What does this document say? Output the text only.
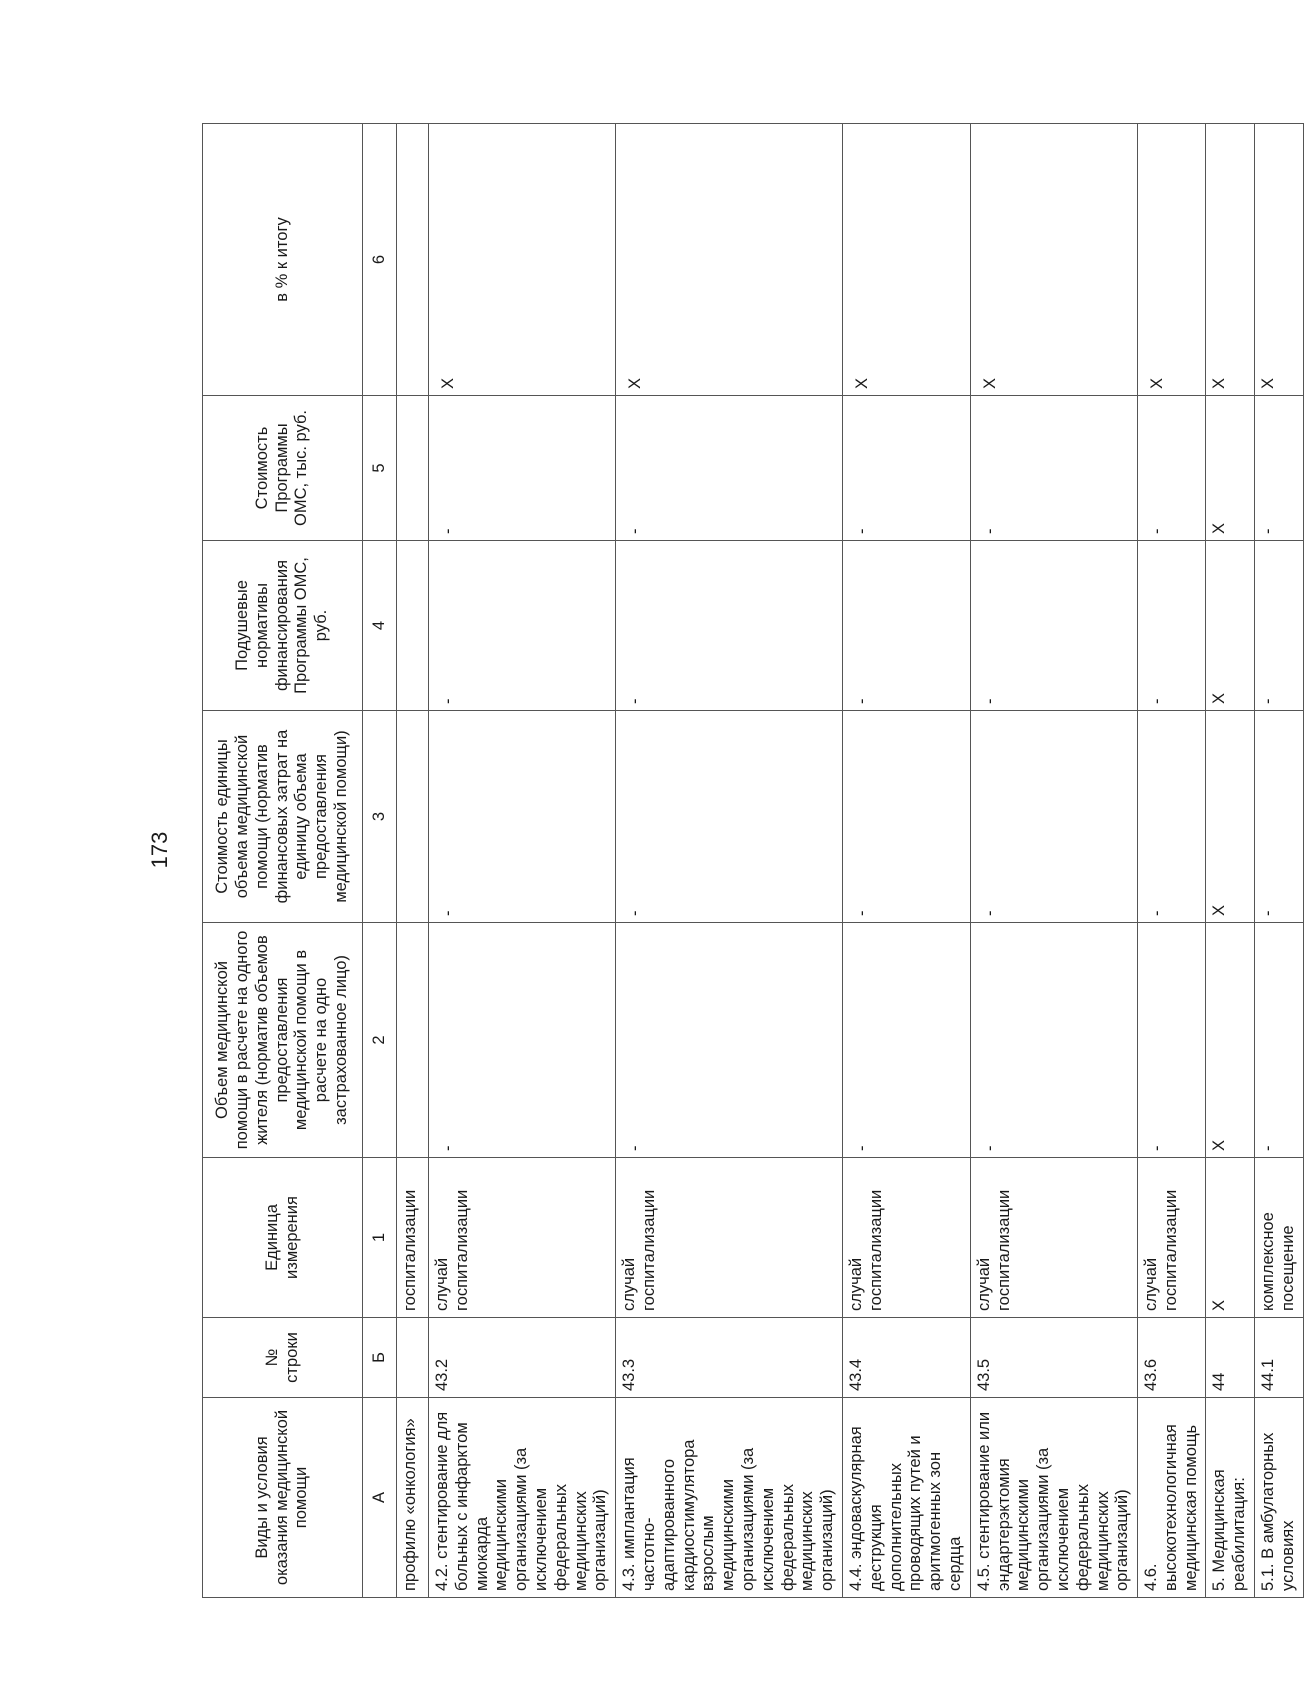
173
Виды и условия оказания медицинской помощи	№ строки	Единица измерения	Объем медицинской помощи в расчете на одного жителя (норматив объемов предоставления медицинской помощи в расчете на одно застрахованное лицо)	Стоимость единицы объема медицинской помощи (норматив финансовых затрат на единицу объема предоставления медицинской помощи)	Подушевые нормативы финансирования Программы ОМС, руб.	Стоимость Программы ОМС, тыс. руб.	в % к итогу
А	Б	1	2	3	4	5	6
профилю «онкология»		госпитализации					
4.2. стентирование для больных с инфарктом миокарда медицинскими организациями (за исключением федеральных медицинских организаций)	43.2	случай госпитализации	-	-	-	-	X
4.3. имплантация частотно-адаптированного кардиостимулятора взрослым медицинскими организациями (за исключением федеральных медицинских организаций)	43.3	случай госпитализации	-	-	-	-	X
4.4. эндоваскулярная деструкция дополнительных проводящих путей и аритмогенных зон сердца	43.4	случай госпитализации	-	-	-	-	X
4.5. стентирование или эндартерэктомия медицинскими организациями (за исключением федеральных медицинских организаций)	43.5	случай госпитализации	-	-	-	-	X
4.6. высокотехнологичная медицинская помощь	43.6	случай госпитализации	-	-	-	-	X
5. Медицинская реабилитация:	44	X	X	X	X	X	X
5.1. В амбулаторных условиях	44.1	комплексное посещение	-	-	-	-	X
